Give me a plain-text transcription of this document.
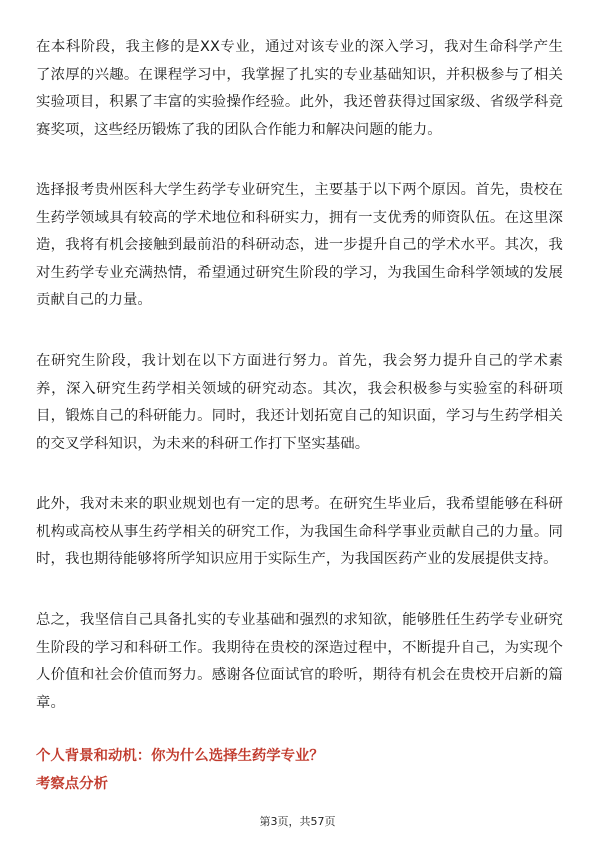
在本科阶段，我主修的是XX专业，通过对该专业的深入学习，我对生命科学产生了浓厚的兴趣。在课程学习中，我掌握了扎实的专业基础知识，并积极参与了相关实验项目，积累了丰富的实验操作经验。此外，我还曾获得过国家级、省级学科竞赛奖项，这些经历锻炼了我的团队合作能力和解决问题的能力。

选择报考贵州医科大学生药学专业研究生，主要基于以下两个原因。首先，贵校在生药学领域具有较高的学术地位和科研实力，拥有一支优秀的师资队伍。在这里深造，我将有机会接触到最前沿的科研动态，进一步提升自己的学术水平。其次，我对生药学专业充满热情，希望通过研究生阶段的学习，为我国生命科学领域的发展贡献自己的力量。

在研究生阶段，我计划在以下方面进行努力。首先，我会努力提升自己的学术素养，深入研究生药学相关领域的研究动态。其次，我会积极参与实验室的科研项目，锻炼自己的科研能力。同时，我还计划拓宽自己的知识面，学习与生药学相关的交叉学科知识，为未来的科研工作打下坚实基础。

此外，我对未来的职业规划也有一定的思考。在研究生毕业后，我希望能够在科研机构或高校从事生药学相关的研究工作，为我国生命科学事业贡献自己的力量。同时，我也期待能够将所学知识应用于实际生产，为我国医药产业的发展提供支持。

总之，我坚信自己具备扎实的专业基础和强烈的求知欲，能够胜任生药学专业研究生阶段的学习和科研工作。我期待在贵校的深造过程中，不断提升自己，为实现个人价值和社会价值而努力。感谢各位面试官的聆听，期待有机会在贵校开启新的篇章。

个人背景和动机：你为什么选择生药学专业？
考察点分析
第3页，共57页
